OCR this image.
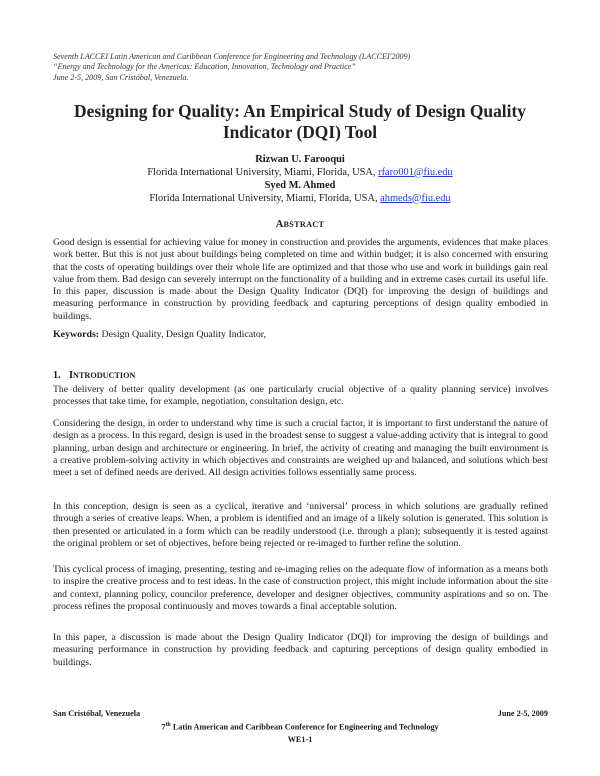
Seventh LACCEI Latin American and Caribbean Conference for Engineering and Technology (LACCEI'2009)
“Energy and Technology for the Americas: Education, Innovation, Technology and Practice”
June 2-5, 2009, San Cristóbal, Venezuela.
Designing for Quality: An Empirical Study of Design Quality
Indicator (DQI) Tool
Rizwan U. Farooqui
Florida International University, Miami, Florida, USA, rfaro001@fiu.edu
Syed M. Ahmed
Florida International University, Miami, Florida, USA, ahmeds@fiu.edu
ABSTRACT
Good design is essential for achieving value for money in construction and provides the arguments, evidences that make places work better. But this is not just about buildings being completed on time and within budget; it is also concerned with ensuring that the costs of operating buildings over their whole life are optimized and that those who use and work in buildings gain real value from them. Bad design can severely interrupt on the functionality of a building and in extreme cases curtail its useful life. In this paper, discussion is made about the Design Quality Indicator (DQI) for improving the design of buildings and measuring performance in construction by providing feedback and capturing perceptions of design quality embodied in buildings.
Keywords: Design Quality, Design Quality Indicator,
1. INTRODUCTION
The delivery of better quality development (as one particularly crucial objective of a quality planning service) involves processes that take time, for example, negotiation, consultation design, etc.
Considering the design, in order to understand why time is such a crucial factor, it is important to first understand the nature of design as a process. In this regard, design is used in the broadest sense to suggest a value-adding activity that is integral to good planning, urban design and architecture or engineering. In brief, the activity of creating and managing the built environment is a creative problem-solving activity in which objectives and constraints are weighed up and balanced, and solutions which best meet a set of defined needs are derived. All design activities follows essentially same process.
In this conception, design is seen as a cyclical, iterative and ‘universal’ process in which solutions are gradually refined through a series of creative leaps. When, a problem is identified and an image of a likely solution is generated. This solution is then presented or articulated in a form which can be readily understood (i.e. through a plan); subsequently it is tested against the original problem or set of objectives, before being rejected or re-imaged to further refine the solution.
This cyclical process of imaging, presenting, testing and re-imaging relies on the adequate flow of information as a means both to inspire the creative process and to test ideas. In the case of construction project, this might include information about the site and context, planning policy, councilor preference, developer and designer objectives, community aspirations and so on. The process refines the proposal continuously and moves towards a final acceptable solution.
In this paper, a discussion is made about the Design Quality Indicator (DQI) for improving the design of buildings and measuring performance in construction by providing feedback and capturing perceptions of design quality embodied in buildings.
San Cristóbal, Venezuela	June 2-5, 2009
7th Latin American and Caribbean Conference for Engineering and Technology
WE1-1
